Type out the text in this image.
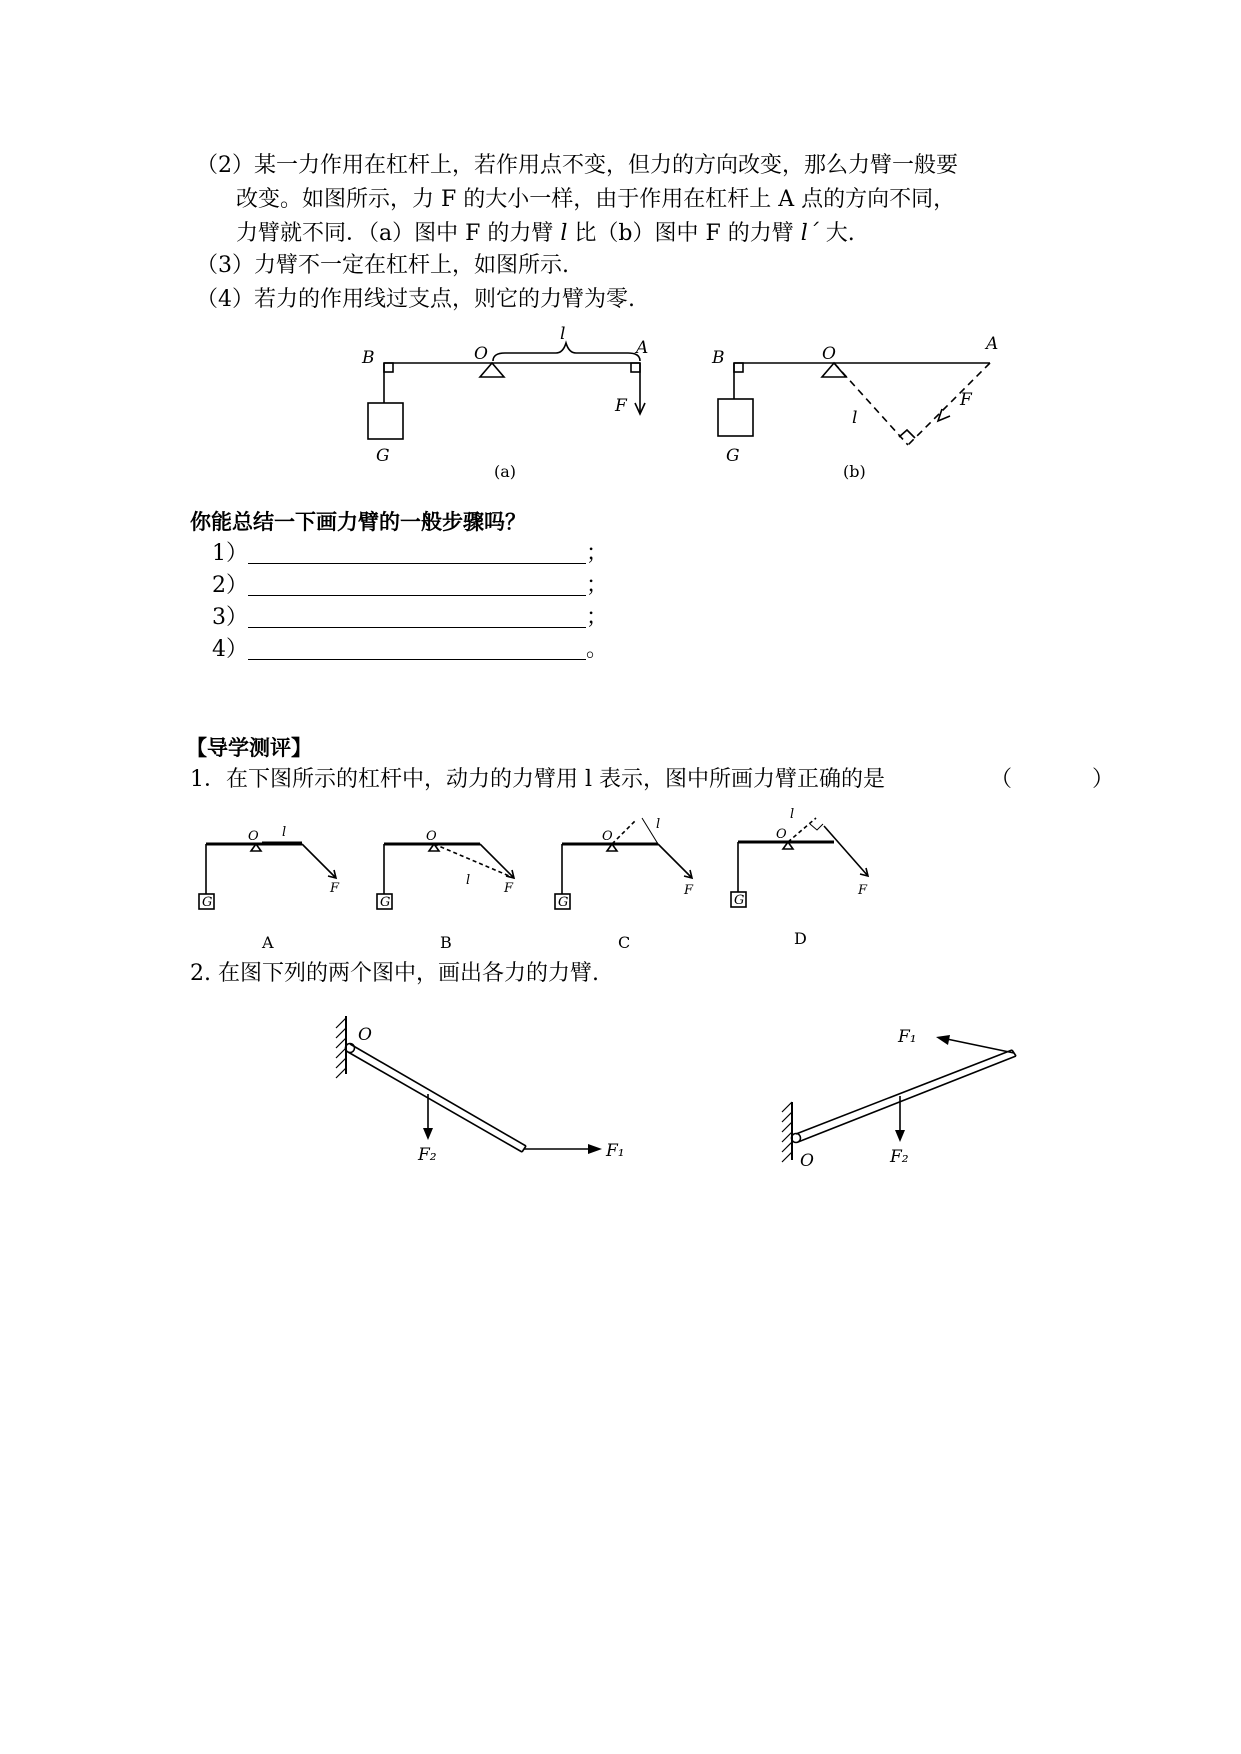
（2）某一力作用在杠杆上，若作用点不变，但力的方向改变，那么力臂一般要
改变。如图所示，力 F 的大小一样，由于作用在杠杆上 A 点的方向不同，
力臂就不同．（a）图中 F 的力臂 l 比（b）图中 F 的力臂 l´ 大.
（3）力臂不一定在杠杆上，如图所示.
（4）若力的作用线过支点，则它的力臂为零.
B	O
l
A
F
G
(a)
B	O	A
F
l
G
(b)
你能总结一下画力臂的一般步骤吗？
1）	；
2）	；
3）	；
4）	。
【导学测评】
1．在下图所示的杠杆中，动力的力臂用 l 表示，图中所画力臂正确的是	（	）
O l
F
G
A
O
l
F
G
B
O
l
F
G
C
O
l
F
G
D
2. 在图下列的两个图中，画出各力的力臂.
O
F₂	F₁	O	F₂
F₁
